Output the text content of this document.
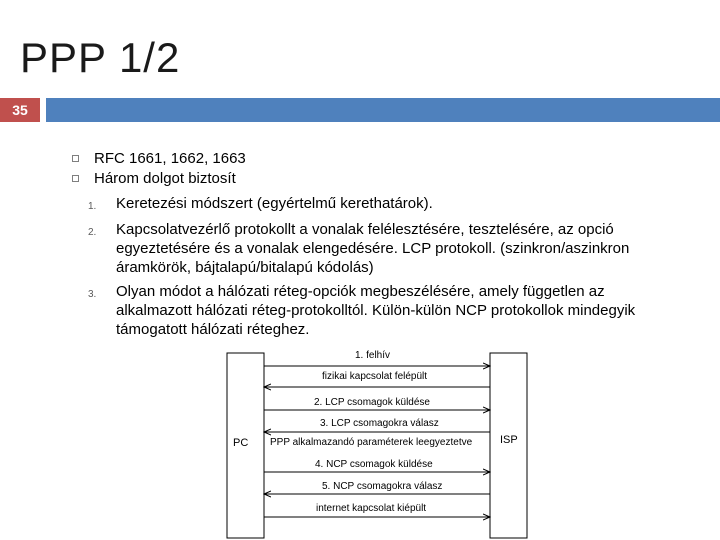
PPP 1/2
35
RFC 1661, 1662, 1663
Három dolgot biztosít
1.	Keretezési módszert (egyértelmű kerethatárok).
2.	Kapcsolatvezérlő protokollt a vonalak felélesztésére, tesztelésére, az opció egyeztetésére és a vonalak elengedésére. LCP protokoll. (szinkron/aszinkron áramkörök, bájtalapú/bitalapú kódolás)
3.	Olyan módot a hálózati réteg-opciók megbeszélésére, amely független az alkalmazott hálózati réteg-protokolltól. Külön-külön NCP protokollok mindegyik támogatott hálózati réteghez.
PC	ISP
1. felhív
fizikai kapcsolat felépült
2. LCP csomagok küldése
3. LCP csomagokra válasz
PPP alkalmazandó paraméterek leegyeztetve
4. NCP csomagok küldése
5. NCP csomagokra válasz
internet kapcsolat kiépült
